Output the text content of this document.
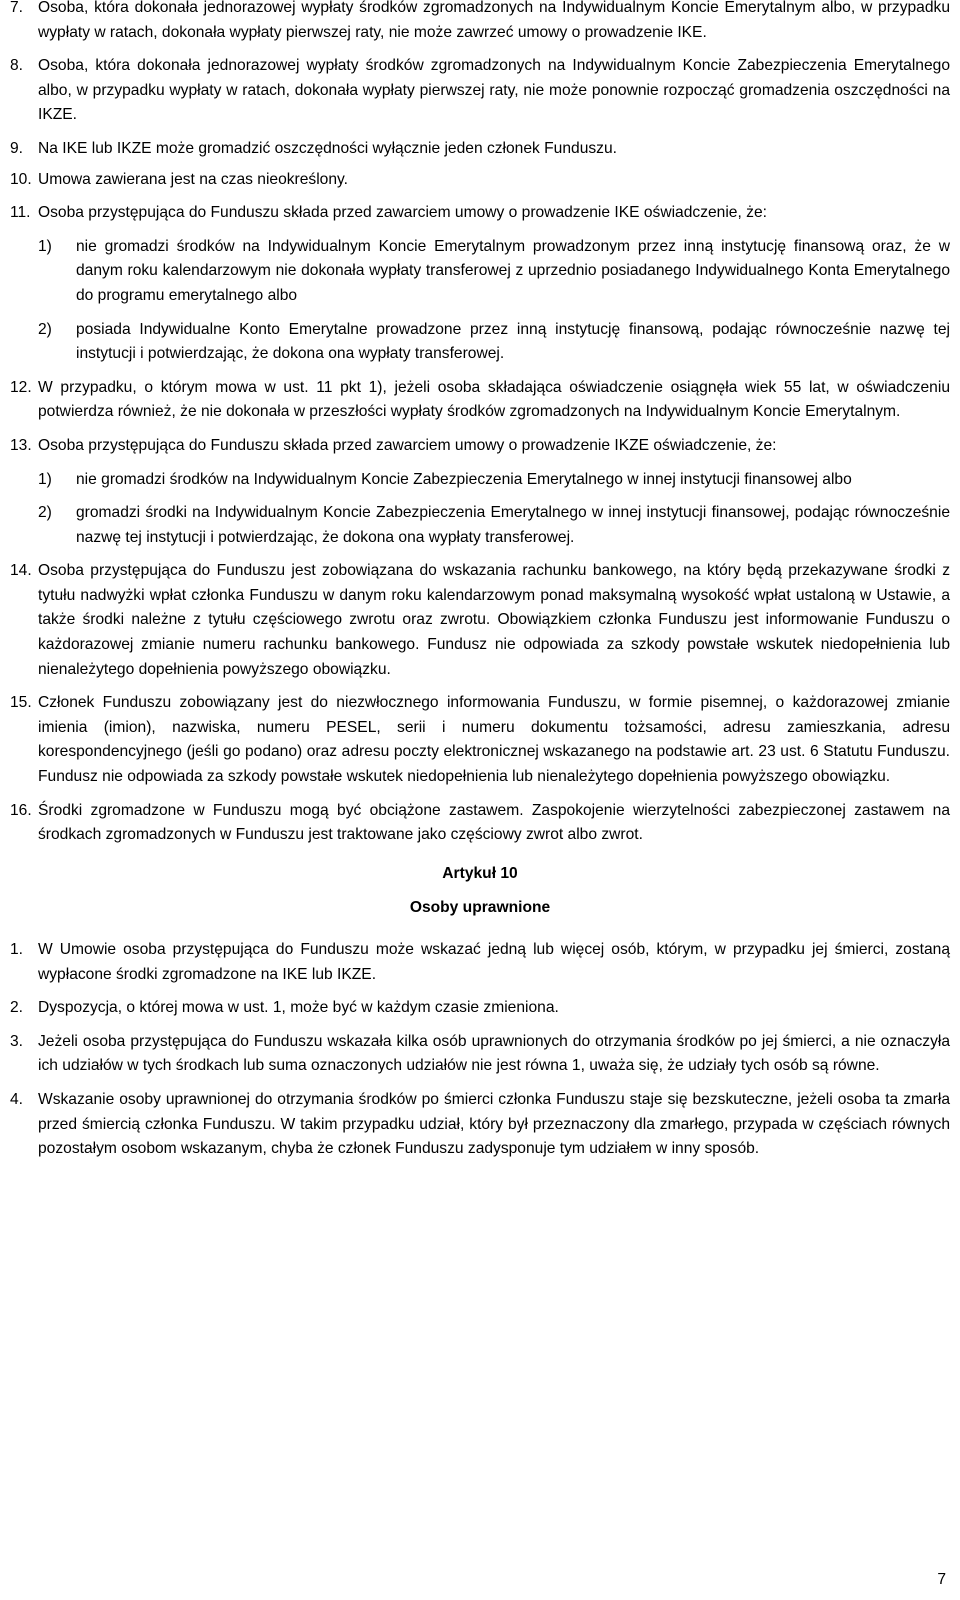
7. Osoba, która dokonała jednorazowej wypłaty środków zgromadzonych na Indywidualnym Koncie Emerytalnym albo, w przypadku wypłaty w ratach, dokonała wypłaty pierwszej raty, nie może zawrzeć umowy o prowadzenie IKE.
8. Osoba, która dokonała jednorazowej wypłaty środków zgromadzonych na Indywidualnym Koncie Zabezpieczenia Emerytalnego albo, w przypadku wypłaty w ratach, dokonała wypłaty pierwszej raty, nie może ponownie rozpocząć gromadzenia oszczędności na IKZE.
9. Na IKE lub IKZE może gromadzić oszczędności wyłącznie jeden członek Funduszu.
10. Umowa zawierana jest na czas nieokreślony.
11. Osoba przystępująca do Funduszu składa przed zawarciem umowy o prowadzenie IKE oświadczenie, że:
1) nie gromadzi środków na Indywidualnym Koncie Emerytalnym prowadzonym przez inną instytucję finansową oraz, że w danym roku kalendarzowym nie dokonała wypłaty transferowej z uprzednio posiadanego Indywidualnego Konta Emerytalnego do programu emerytalnego albo
2) posiada Indywidualne Konto Emerytalne prowadzone przez inną instytucję finansową, podając równocześnie nazwę tej instytucji i potwierdzając, że dokona ona wypłaty transferowej.
12. W przypadku, o którym mowa w ust. 11 pkt 1), jeżeli osoba składająca oświadczenie osiągnęła wiek 55 lat, w oświadczeniu potwierdza również, że nie dokonała w przeszłości wypłaty środków zgromadzonych na Indywidualnym Koncie Emerytalnym.
13. Osoba przystępująca do Funduszu składa przed zawarciem umowy o prowadzenie IKZE oświadczenie, że:
1) nie gromadzi środków na Indywidualnym Koncie Zabezpieczenia Emerytalnego w innej instytucji finansowej albo
2) gromadzi środki na Indywidualnym Koncie Zabezpieczenia Emerytalnego w innej instytucji finansowej, podając równocześnie nazwę tej instytucji i potwierdzając, że dokona ona wypłaty transferowej.
14. Osoba przystępująca do Funduszu jest zobowiązana do wskazania rachunku bankowego, na który będą przekazywane środki z tytułu nadwyżki wpłat członka Funduszu w danym roku kalendarzowym ponad maksymalną wysokość wpłat ustaloną w Ustawie, a także środki należne z tytułu częściowego zwrotu oraz zwrotu. Obowiązkiem członka Funduszu jest informowanie Funduszu o każdorazowej zmianie numeru rachunku bankowego. Fundusz nie odpowiada za szkody powstałe wskutek niedopełnienia lub nienależytego dopełnienia powyższego obowiązku.
15. Członek Funduszu zobowiązany jest do niezwłocznego informowania Funduszu, w formie pisemnej, o każdorazowej zmianie imienia (imion), nazwiska, numeru PESEL, serii i numeru dokumentu tożsamości, adresu zamieszkania, adresu korespondencyjnego (jeśli go podano) oraz adresu poczty elektronicznej wskazanego na podstawie art. 23 ust. 6 Statutu Funduszu. Fundusz nie odpowiada za szkody powstałe wskutek niedopełnienia lub nienależytego dopełnienia powyższego obowiązku.
16. Środki zgromadzone w Funduszu mogą być obciążone zastawem. Zaspokojenie wierzytelności zabezpieczonej zastawem na środkach zgromadzonych w Funduszu jest traktowane jako częściowy zwrot albo zwrot.
Artykuł 10
Osoby uprawnione
1. W Umowie osoba przystępująca do Funduszu może wskazać jedną lub więcej osób, którym, w przypadku jej śmierci, zostaną wypłacone środki zgromadzone na IKE lub IKZE.
2. Dyspozycja, o której mowa w ust. 1, może być w każdym czasie zmieniona.
3. Jeżeli osoba przystępująca do Funduszu wskazała kilka osób uprawnionych do otrzymania środków po jej śmierci, a nie oznaczyła ich udziałów w tych środkach lub suma oznaczonych udziałów nie jest równa 1, uważa się, że udziały tych osób są równe.
4. Wskazanie osoby uprawnionej do otrzymania środków po śmierci członka Funduszu staje się bezskuteczne, jeżeli osoba ta zmarła przed śmiercią członka Funduszu. W takim przypadku udział, który był przeznaczony dla zmarłego, przypada w częściach równych pozostałym osobom wskazanym, chyba że członek Funduszu zadysponuje tym udziałem w inny sposób.
7
